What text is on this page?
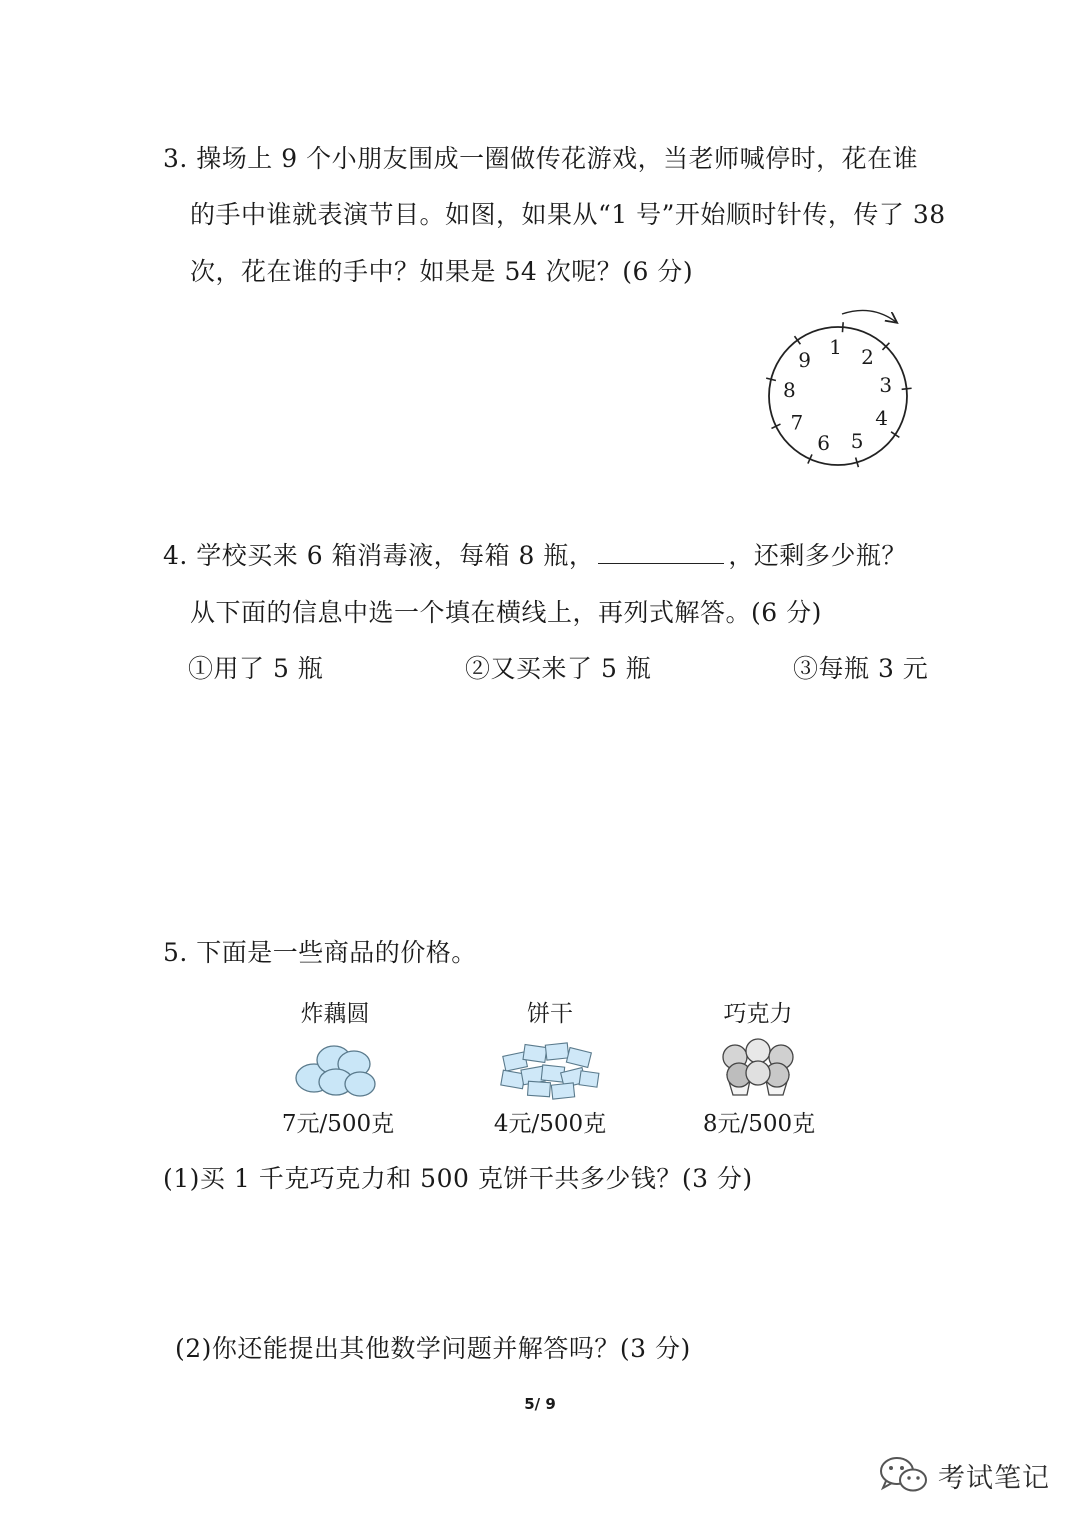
3. 操场上 9 个小朋友围成一圈做传花游戏，当老师喊停时，花在谁
的手中谁就表演节目。如图，如果从“1 号”开始顺时针传，传了 38
次，花在谁的手中？如果是 54 次呢？(6 分)
1 2
3
4
5
6
7
8
9
4. 学校买来 6 箱消毒液，每箱 8 瓶，	，还剩多少瓶？
从下面的信息中选一个填在横线上，再列式解答。(6 分)
①用了 5 瓶	②又买来了 5 瓶	③每瓶 3 元
5. 下面是一些商品的价格。
炸藕圆	饼干	巧克力
7元/500克	4元/500克	8元/500克
(1)买 1 千克巧克力和 500 克饼干共多少钱？(3 分)
(2)你还能提出其他数学问题并解答吗？(3 分)
5/ 9
考试笔记
